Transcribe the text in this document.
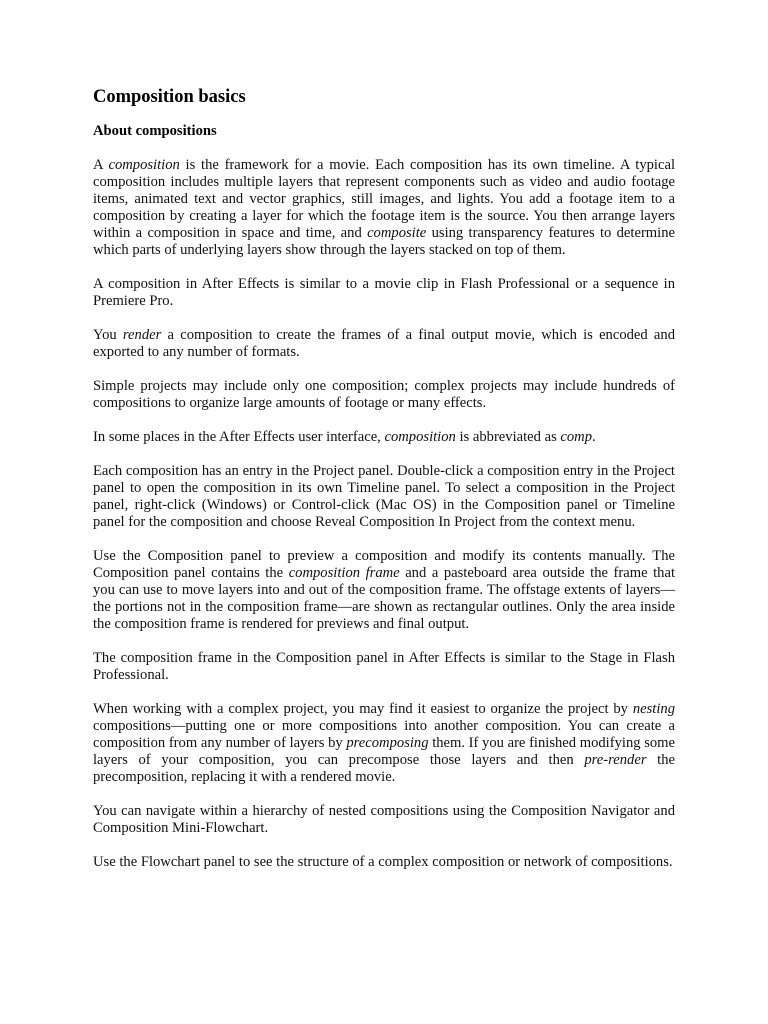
Composition basics
About compositions

A composition is the framework for a movie. Each composition has its own timeline. A typical composition includes multiple layers that represent components such as video and audio footage items, animated text and vector graphics, still images, and lights. You add a footage item to a composition by creating a layer for which the footage item is the source. You then arrange layers within a composition in space and time, and composite using transparency features to determine which parts of underlying layers show through the layers stacked on top of them.

A composition in After Effects is similar to a movie clip in Flash Professional or a sequence in Premiere Pro.

You render a composition to create the frames of a final output movie, which is encoded and exported to any number of formats.

Simple projects may include only one composition; complex projects may include hundreds of compositions to organize large amounts of footage or many effects.

In some places in the After Effects user interface, composition is abbreviated as comp.

Each composition has an entry in the Project panel. Double-click a composition entry in the Project panel to open the composition in its own Timeline panel. To select a composition in the Project panel, right-click (Windows) or Control-click (Mac OS) in the Composition panel or Timeline panel for the composition and choose Reveal Composition In Project from the context menu.

Use the Composition panel to preview a composition and modify its contents manually. The Composition panel contains the composition frame and a pasteboard area outside the frame that you can use to move layers into and out of the composition frame. The offstage extents of layers—the portions not in the composition frame—are shown as rectangular outlines. Only the area inside the composition frame is rendered for previews and final output.

The composition frame in the Composition panel in After Effects is similar to the Stage in Flash Professional.

When working with a complex project, you may find it easiest to organize the project by nesting compositions—putting one or more compositions into another composition. You can create a composition from any number of layers by precomposing them. If you are finished modifying some layers of your composition, you can precompose those layers and then pre-render the precomposition, replacing it with a rendered movie.

You can navigate within a hierarchy of nested compositions using the Composition Navigator and Composition Mini-Flowchart.

Use the Flowchart panel to see the structure of a complex composition or network of compositions.
